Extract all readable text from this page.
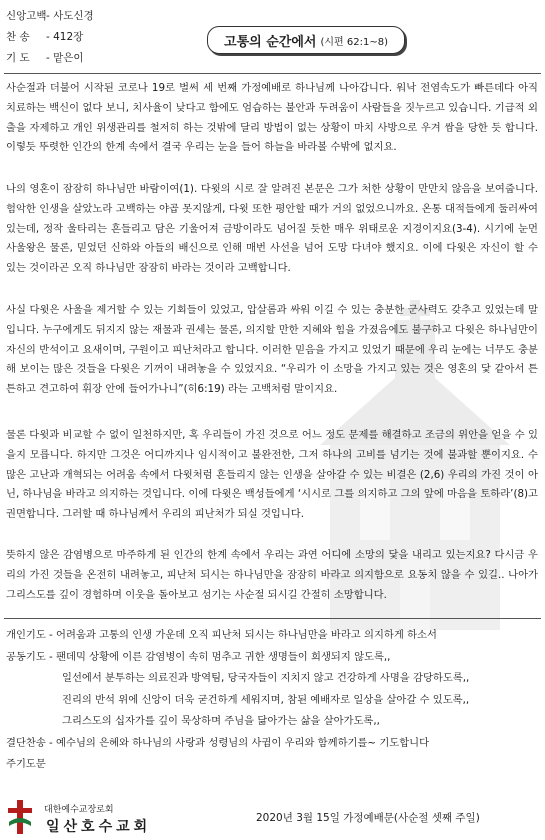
신앙고백 - 사도신경
찬 송	- 412장
기 도	- 맡은이
고통의 순간에서 (시편 62:1~8)
사순절과 더불어 시작된 코로나 19로 벌써 세 번째 가정예배로 하나님께 나아갑니다. 워낙 전염속도가 빠른데다 아직 치료하는 백신이 없다 보니, 치사율이 낮다고 함에도 엄습하는 불안과 두려움이 사람들을 짓누르고 있습니다. 기급적 외출을 자제하고 개인 위생관리를 철저히 하는 것밖에 달리 방법이 없는 상황이 마치 사방으로 우겨 쌈을 당한 듯 합니다. 이렇듯 뚜렷한 인간의 한계 속에서 결국 우리는 눈을 들어 하늘을 바라볼 수밖에 없지요.
나의 영혼이 잠잠히 하나님만 바람이여(1). 다윗의 시로 잘 알려진 본문은 그가 처한 상황이 만만치 않음을 보여줍니다. 험악한 인생을 살았노라 고백하는 야곱 못지않게, 다윗 또한 평안할 때가 거의 없었으니까요. 온통 대적들에게 둘러싸여 있는데, 정작 울타리는 흔들리고 담은 기울어져 금방이라도 넘어질 듯한 매우 위태로운 지경이지요(3-4). 시기에 눈먼 사울왕은 물론, 믿었던 신하와 아들의 배신으로 인해 매번 사선을 넘어 도망 다녀야 했지요. 이에 다윗은 자신이 할 수 있는 것이라곤 오직 하나님만 잠잠히 바라는 것이라 고백합니다.
사실 다윗은 사울을 제거할 수 있는 기회들이 있었고, 압살롬과 싸워 이길 수 있는 충분한 군사력도 갖추고 있었는데 말입니다. 누구에게도 뒤지지 않는 재물과 권세는 물론, 의지할 만한 지혜와 힘을 가졌음에도 불구하고 다윗은 하나님만이 자신의 반석이고 요새이며, 구원이고 피난처라고 합니다. 이러한 믿음을 가지고 있었기 때문에 우리 눈에는 너무도 충분해 보이는 많은 것들을 다윗은 기꺼이 내려놓을 수 있었지요. “우리가 이 소망을 가지고 있는 것은 영혼의 닻 같아서 튼튼하고 견고하여 휘장 안에 들어가나니”(히6:19) 라는 고백처럼 말이지요.
물론 다윗과 비교할 수 없이 일천하지만, 혹 우리들이 가진 것으로 어느 정도 문제를 해결하고 조금의 위안을 얻을 수 있을지 모릅니다. 하지만 그것은 어디까지나 임시적이고 불완전한, 그저 하나의 고비를 넘기는 것에 불과할 뿐이지요. 수많은 고난과 개혁되는 어려움 속에서 다윗처럼 흔들리지 않는 인생을 살아갈 수 있는 비결은 (2,6) 우리의 가진 것이 아닌, 하나님을 바라고 의지하는 것입니다. 이에 다윗은 백성들에게 ‘시시로 그를 의지하고 그의 앞에 마음을 토하라’(8)고 권면합니다. 그러할 때 하나님께서 우리의 피난처가 되실 것입니다.
뜻하지 않은 감염병으로 마주하게 된 인간의 한계 속에서 우리는 과연 어디에 소망의 닻을 내리고 있는지요? 다시금 우리의 가진 것들을 온전히 내려놓고, 피난처 되시는 하나님만을 잠잠히 바라고 의지함으로 요동치 않을 수 있길.. 나아가 그리스도를 깊이 경험하며 이웃을 돌아보고 섬기는 사순절 되시길 간절히 소망합니다.
개인기도 - 어려움과 고통의 인생 가운데 오직 피난처 되시는 하나님만을 바라고 의지하게 하소서
공동기도 - 팬데믹 상황에 이른 감염병이 속히 멈추고 귀한 생명들이 희생되지 않도록,,
일선에서 분투하는 의료진과 방역팀, 당국자들이 지치지 않고 건강하게 사명을 감당하도록,,
진리의 반석 위에 신앙이 더욱 굳건하게 세워지며, 참된 예배자로 일상을 살아갈 수 있도록,,
그리스도의 십자가를 깊이 묵상하며 주님을 닮아가는 삶을 살아가도록,,
결단찬송 - 예수님의 은혜와 하나님의 사랑과 성령님의 사귐이 우리와 함께하기를~ 기도합니다
주기도문
대한예수교장로회
일산호수교회
2020년 3월 15일 가정예배문(사순절 셋째 주일)
